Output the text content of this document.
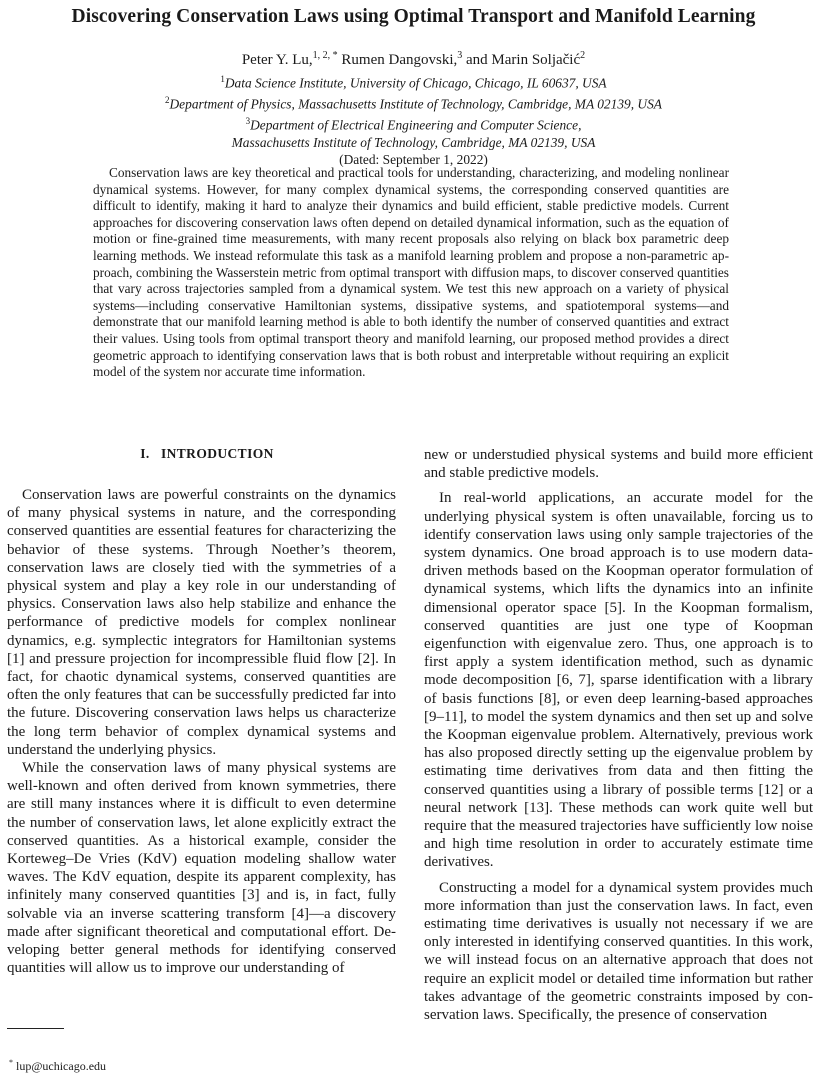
Discovering Conservation Laws using Optimal Transport and Manifold Learning
Peter Y. Lu,$^{1, 2, *}$ Rumen Dangovski,$^3$ and Marin Soljačić$^2$
$^1$Data Science Institute, University of Chicago, Chicago, IL 60637, USA
$^2$Department of Physics, Massachusetts Institute of Technology, Cambridge, MA 02139, USA
$^3$Department of Electrical Engineering and Computer Science,
Massachusetts Institute of Technology, Cambridge, MA 02139, USA
(Dated: September 1, 2022)
Conservation laws are key theoretical and practical tools for understanding, characterizing, and modeling nonlinear dynamical systems. However, for many complex dynamical systems, the corresponding conserved quantities are difficult to identify, making it hard to analyze their dynamics and build efficient, stable predictive models. Current approaches for discovering conservation laws often depend on detailed dynamical information, such as the equation of motion or fine-grained time measurements, with many recent proposals also relying on black box parametric deep learning methods. We instead reformulate this task as a manifold learning problem and propose a non-parametric approach, combining the Wasserstein metric from optimal transport with diffusion maps, to discover conserved quantities that vary across trajectories sampled from a dynamical system. We test this new approach on a variety of physical systems—including conservative Hamiltonian systems, dissipative systems, and spatiotemporal systems—and demonstrate that our manifold learning method is able to both identify the number of conserved quantities and extract their values. Using tools from optimal transport theory and manifold learning, our proposed method provides a direct geometric approach to identifying conservation laws that is both robust and interpretable without requiring an explicit model of the system nor accurate time information.
I. INTRODUCTION

Conservation laws are powerful constraints on the dynamics of many physical systems in nature, and the corresponding conserved quantities are essential features for characterizing the behavior of these systems. Through Noether’s theorem, conservation laws are closely tied with the symmetries of a physical system and play a key role in our understanding of physics. Conservation laws also help stabilize and enhance the performance of predictive models for complex nonlinear dynamics, e.g. symplectic integrators for Hamiltonian systems [1] and pressure projection for incompressible fluid flow [2]. In fact, for chaotic dynamical systems, conserved quantities are often the only features that can be successfully predicted far into the future. Discovering conservation laws helps us characterize the long term behavior of complex dynamical systems and understand the underlying physics.

While the conservation laws of many physical systems are well-known and often derived from known symmetries, there are still many instances where it is difficult to even determine the number of conservation laws, let alone explicitly extract the conserved quantities. As a historical example, consider the Korteweg–De Vries (KdV) equation modeling shallow water waves. The KdV equation, despite its apparent complexity, has infinitely many conserved quantities [3] and is, in fact, fully solvable via an inverse scattering transform [4]—a discovery made after significant theoretical and computational effort. Developing better general methods for identifying conserved quantities will allow us to improve our understanding of

new or understudied physical systems and build more efficient and stable predictive models.

In real-world applications, an accurate model for the underlying physical system is often unavailable, forcing us to identify conservation laws using only sample trajectories of the system dynamics. One broad approach is to use modern data-driven methods based on the Koopman operator formulation of dynamical systems, which lifts the dynamics into an infinite dimensional operator space [5]. In the Koopman formalism, conserved quantities are just one type of Koopman eigenfunction with eigenvalue zero. Thus, one approach is to first apply a system identification method, such as dynamic mode decomposition [6, 7], sparse identification with a library of basis functions [8], or even deep learning-based approaches [9–11], to model the system dynamics and then set up and solve the Koopman eigenvalue problem. Alternatively, previous work has also proposed directly setting up the eigenvalue problem by estimating time derivatives from data and then fitting the conserved quantities using a library of possible terms [12] or a neural network [13]. These methods can work quite well but require that the measured trajectories have sufficiently low noise and high time resolution in order to accurately estimate time derivatives.

Constructing a model for a dynamical system provides much more information than just the conservation laws. In fact, even estimating time derivatives is usually not necessary if we are only interested in identifying conserved quantities. In this work, we will instead focus on an alternative approach that does not require an explicit model or detailed time information but rather takes advantage of the geometric constraints imposed by conservation laws. Specifically, the presence of conservation

* lup@uchicago.edu
